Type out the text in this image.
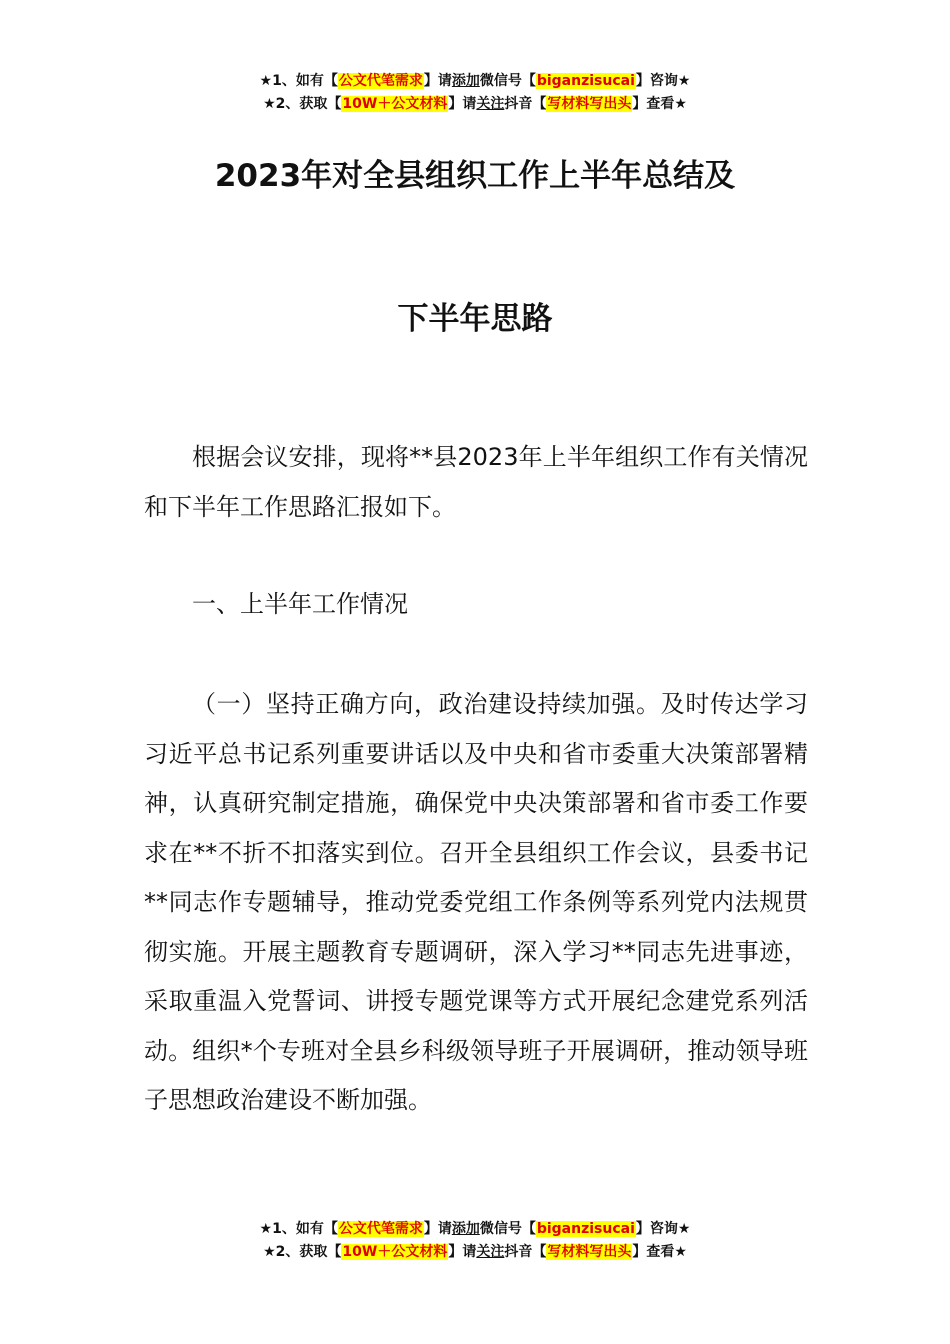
★1、如有【公文代笔需求】请添加微信号【biganzisucai】咨询★
★2、获取【10W＋公文材料】请关注抖音【写材料写出头】查看★
2023年对全县组织工作上半年总结及
下半年思路

根据会议安排，现将**县2023年上半年组织工作有关情况和下半年工作思路汇报如下。

一、上半年工作情况

（一）坚持正确方向，政治建设持续加强。及时传达学习习近平总书记系列重要讲话以及中央和省市委重大决策部署精神，认真研究制定措施，确保党中央决策部署和省市委工作要求在**不折不扣落实到位。召开全县组织工作会议，县委书记**同志作专题辅导，推动党委党组工作条例等系列党内法规贯彻实施。开展主题教育专题调研，深入学习**同志先进事迹，采取重温入党誓词、讲授专题党课等方式开展纪念建党系列活动。组织*个专班对全县乡科级领导班子开展调研，推动领导班子思想政治建设不断加强。

★1、如有【公文代笔需求】请添加微信号【biganzisucai】咨询★
★2、获取【10W＋公文材料】请关注抖音【写材料写出头】查看★
